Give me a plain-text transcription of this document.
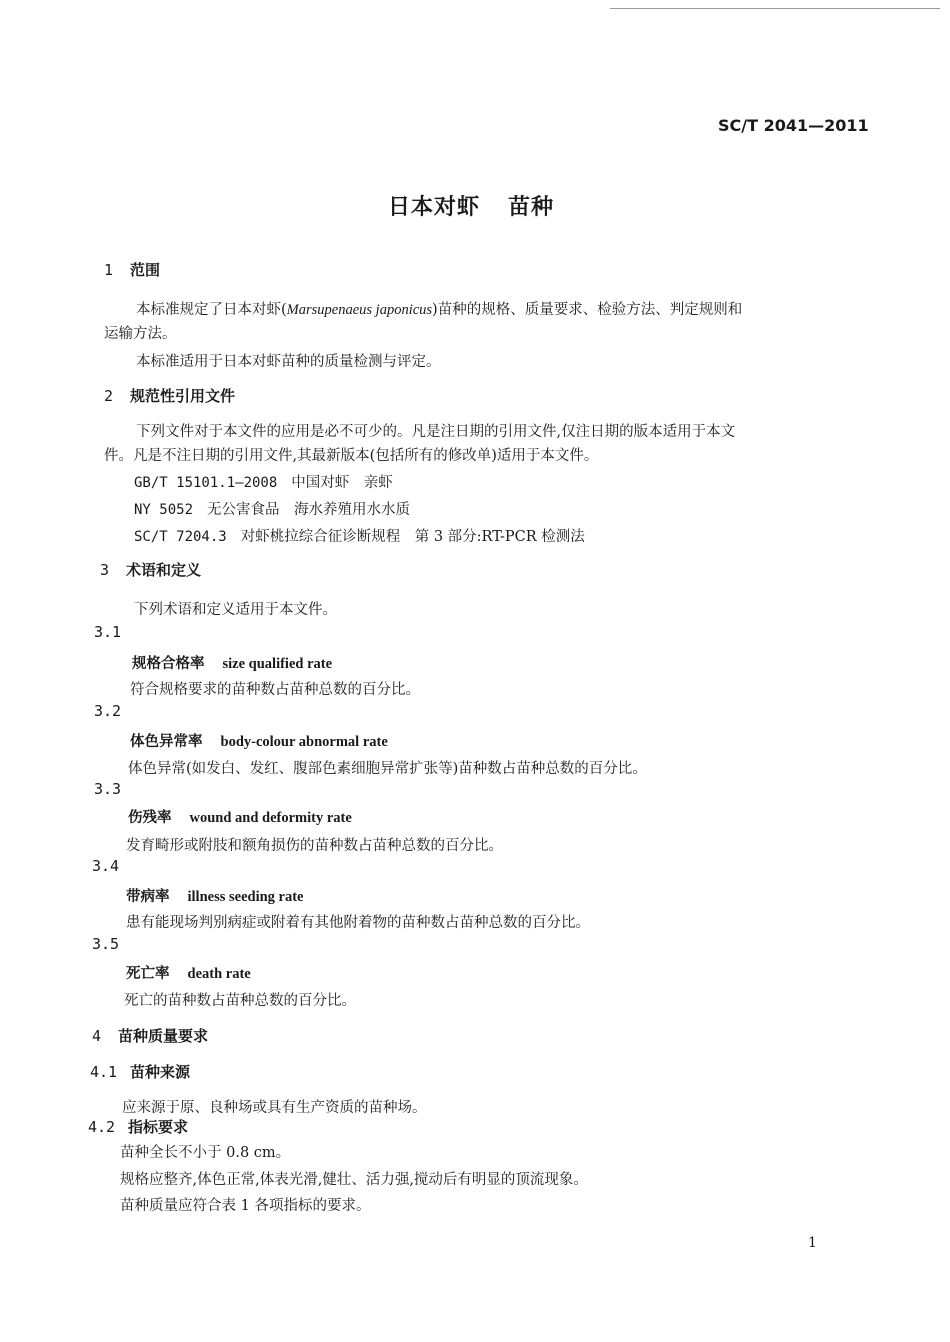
SC/T 2041—2011
日本对虾 苗种
1 范围
本标准规定了日本对虾(Marsupenaeus japonicus)苗种的规格、质量要求、检验方法、判定规则和
运输方法。
本标准适用于日本对虾苗种的质量检测与评定。
2 规范性引用文件
下列文件对于本文件的应用是必不可少的。凡是注日期的引用文件,仅注日期的版本适用于本文
件。凡是不注日期的引用文件,其最新版本(包括所有的修改单)适用于本文件。
GB/T 15101.1—2008 中国对虾　亲虾
NY 5052 无公害食品　海水养殖用水水质
SC/T 7204.3 对虾桃拉综合征诊断规程　第 3 部分:RT-PCR 检测法
3 术语和定义
下列术语和定义适用于本文件。
3.1
规格合格率 size qualified rate
符合规格要求的苗种数占苗种总数的百分比。
3.2
体色异常率 body-colour abnormal rate
体色异常(如发白、发红、腹部色素细胞异常扩张等)苗种数占苗种总数的百分比。
3.3
伤残率 wound and deformity rate
发育畸形或附肢和额角损伤的苗种数占苗种总数的百分比。
3.4
带病率 illness seeding rate
患有能现场判别病症或附着有其他附着物的苗种数占苗种总数的百分比。
3.5
死亡率 death rate
死亡的苗种数占苗种总数的百分比。
4 苗种质量要求
4.1 苗种来源
应来源于原、良种场或具有生产资质的苗种场。
4.2 指标要求
苗种全长不小于 0.8 cm。
规格应整齐,体色正常,体表光滑,健壮、活力强,搅动后有明显的顶流现象。
苗种质量应符合表 1 各项指标的要求。
1
